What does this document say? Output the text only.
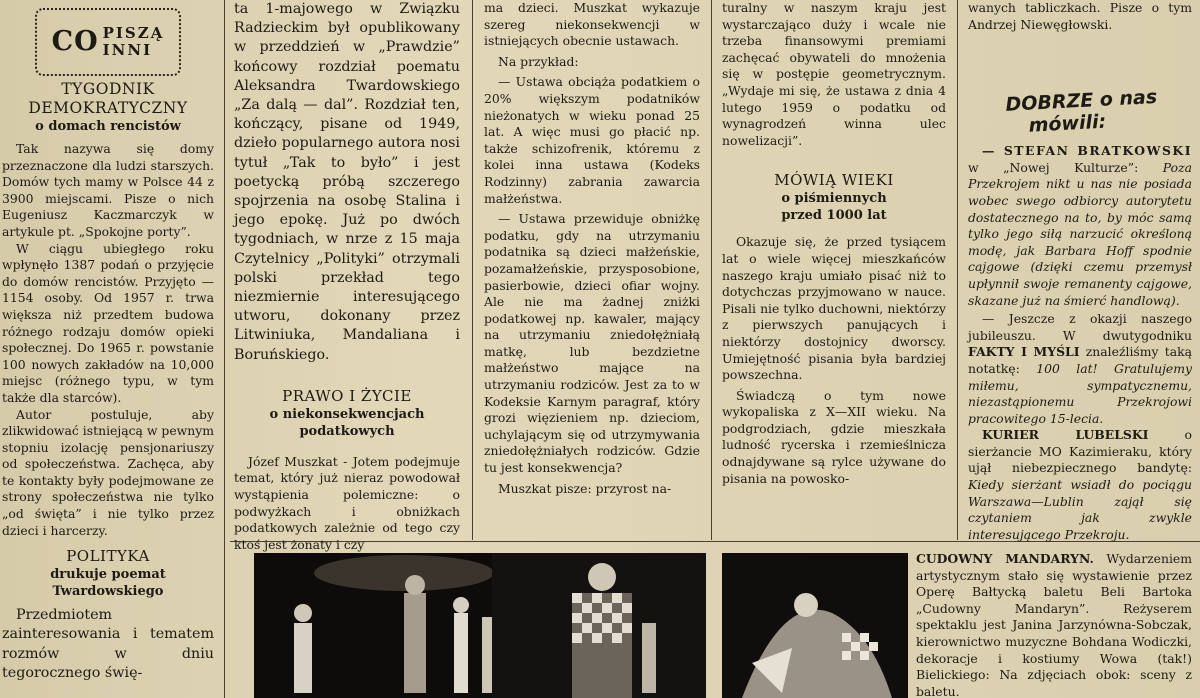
CO PISZĄ
INNI
TYGODNIK DEMOKRATYCZNY
o domach rencistów

Tak nazywa się domy przeznaczone dla ludzi starszych. Domów tych mamy w Polsce 44 z 3900 miejscami. Pisze o nich Eugeniusz Kaczmarczyk w artykule pt. „Spokojne porty”.

W ciągu ubiegłego roku wpłynęło 1387 podań o przyjęcie do domów rencistów. Przyjęto — 1154 osoby. Od 1957 r. trwa większa niż przedtem budowa różnego rodzaju domów opieki społecznej. Do 1965 r. powstanie 100 nowych zakładów na 10,000 miejsc (różnego typu, w tym także dla starców).

Autor postuluje, aby zlikwidować istniejącą w pewnym stopniu izolację pensjonariuszy od społeczeństwa. Zachęca, aby te kontakty były podejmowane ze strony społeczeństwa nie tylko „od święta” i nie tylko przez dzieci i harcerzy.

POLITYKA
drukuje poemat Twardowskiego

Przedmiotem zainteresowania i tematem rozmów w dniu tegorocznego świę-

ta 1-majowego w Związku Radzieckim był opublikowany w przeddzień w „Prawdzie” końcowy rozdział poematu Aleksandra Twardowskiego „Za dalą — dal”. Rozdział ten, kończący, pisane od 1949, dzieło popularnego autora nosi tytuł „Tak to było” i jest poetycką próbą szczerego spojrzenia na osobę Stalina i jego epokę. Już po dwóch tygodniach, w nrze z 15 maja Czytelnicy „Polityki” otrzymali polski przekład tego niezmiernie interesującego utworu, dokonany przez Litwiniuka, Mandaliana i Boruńskiego.

PRAWO I ŻYCIE
o niekonsekwencjach podatkowych

Józef Muszkat - Jotem podejmuje temat, który już nieraz powodował wystąpienia polemiczne: o podwyżkach i obniżkach podatkowych zależnie od tego czy ktoś jest żonaty i czy

ma dzieci. Muszkat wykazuje szereg niekonsekwencji w istniejących obecnie ustawach.

Na przykład:

— Ustawa obciąża podatkiem o 20% większym podatników nieżonatych w wieku ponad 25 lat. A więc musi go płacić np. także schizofrenik, któremu z kolei inna ustawa (Kodeks Rodzinny) zabrania zawarcia małżeństwa.

— Ustawa przewiduje obniżkę podatku, gdy na utrzymaniu podatnika są dzieci małżeńskie, pozamałżeńskie, przysposobione, pasierbowie, dzieci ofiar wojny. Ale nie ma żadnej zniżki podatkowej np. kawaler, mający na utrzymaniu zniedołężniałą matkę, lub bezdzietne małżeństwo mające na utrzymaniu rodziców. Jest za to w Kodeksie Karnym paragraf, który grozi więzieniem np. dzieciom, uchylającym się od utrzymywania zniedołężniałych rodziców. Gdzie tu jest konsekwencja?

Muszkat pisze: przyrost na-

turalny w naszym kraju jest wystarczająco duży i wcale nie trzeba finansowymi premiami zachęcać obywateli do mnożenia się w postępie geometrycznym. „Wydaje mi się, że ustawa z dnia 4 lutego 1959 o podatku od wynagrodzeń winna ulec nowelizacji”.

MÓWIĄ WIEKI
o piśmiennych przed 1000 lat

Okazuje się, że przed tysiącem lat o wiele więcej mieszkańców naszego kraju umiało pisać niż to dotychczas przyjmowano w nauce. Pisali nie tylko duchowni, niektórzy z pierwszych panujących i niektórzy dostojnicy dworscy. Umiejętność pisania była bardziej powszechna.

Świadczą o tym nowe wykopaliska z X—XII wieku. Na podgrodziach, gdzie mieszkała ludność rycerska i rzemieślnicza odnajdywane są rylce używane do pisania na powosko-

wanych tabliczkach. Pisze o tym Andrzej Niewęgłowski.

DOBRZE o nas
mówili:

— STEFAN BRATKOWSKI w „Nowej Kulturze”: Poza Przekrojem nikt u nas nie posiada wobec swego odbiorcy autorytetu dostatecznego na to, by móc samą tylko jego siłą narzucić określoną modę, jak Barbara Hoff spodnie cajgowe (dzięki czemu przemysł upłynnił swoje remanenty cajgowe, skazane już na śmierć handlową).

— Jeszcze z okazji naszego jubileuszu. W dwutygodniku FAKTY I MYŚLI znaleźliśmy taką notatkę: 100 lat! Gratulujemy miłemu, sympatycznemu, niezastąpionemu Przekrojowi pracowitego 15-lecia.

KURIER LUBELSKI	o sierżancie MO Kazimieraku, który ujął niebezpiecznego bandytę: Kiedy sierżant wsiadł do pociągu Warszawa—Lublin zajął się czytaniem jak zwykle interesującego Przekroju.

CUDOWNY MANDARYN. Wydarzeniem artystycznym stało się wystawienie przez Operę Bałtycką baletu Beli Bartoka „Cudowny Mandaryn”. Reżyserem spektaklu jest Janina Jarzynówna-Sobczak, kierownictwo muzyczne Bohdana Wodiczki, dekoracje i kostiumy Wowa (tak!) Bielickiego: Na zdjęciach obok: sceny z baletu.
